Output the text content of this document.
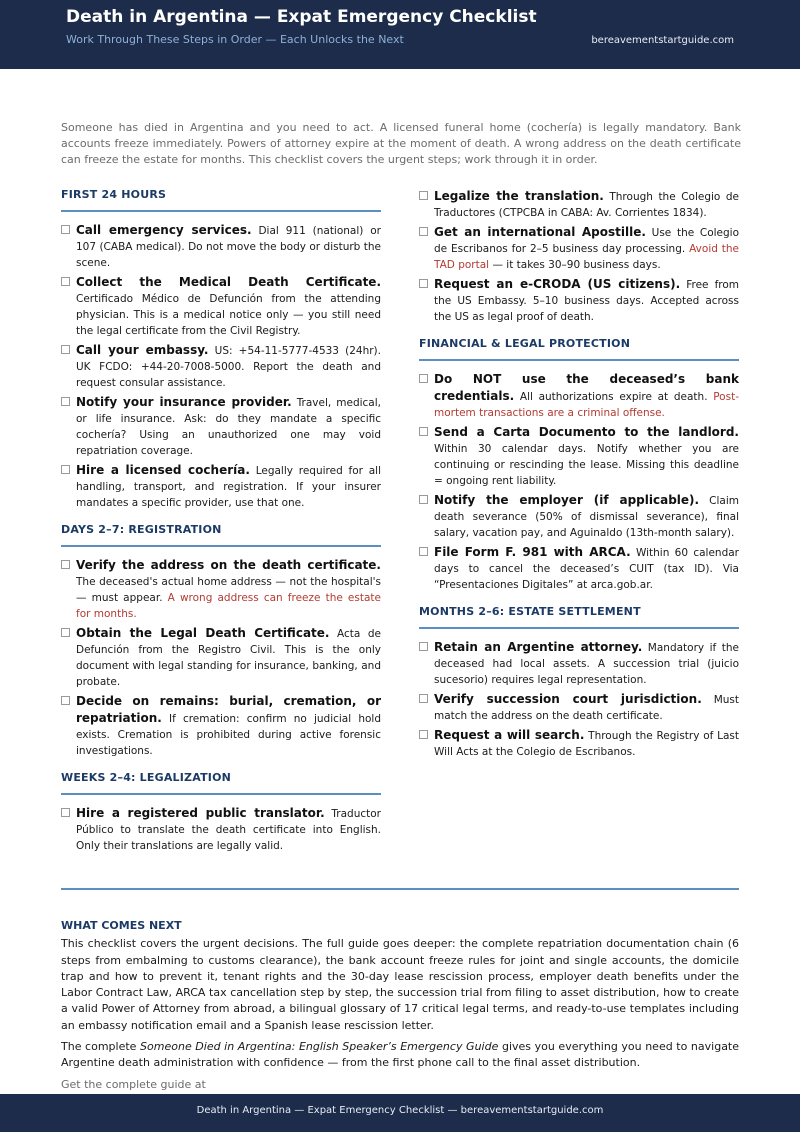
Death in Argentina — Expat Emergency Checklist
Work Through These Steps in Order — Each Unlocks the Next	bereavementstartguide.com
Someone has died in Argentina and you need to act. A licensed funeral home (cochería) is legally mandatory. Bank accounts freeze immediately. Powers of attorney expire at the moment of death. A wrong address on the death certificate can freeze the estate for months. This checklist covers the urgent steps; work through it in order.
FIRST 24 HOURS
Call emergency services. Dial 911 (national) or 107 (CABA medical). Do not move the body or disturb the scene.
Collect the Medical Death Certificate. Certificado Médico de Defunción from the attending physician. This is a medical notice only — you still need the legal certificate from the Civil Registry.
Call your embassy. US: +54-11-5777-4533 (24hr). UK FCDO: +44-20-7008-5000. Report the death and request consular assistance.
Notify your insurance provider. Travel, medical, or life insurance. Ask: do they mandate a specific cochería? Using an unauthorized one may void repatriation coverage.
Hire a licensed cochería. Legally required for all handling, transport, and registration. If your insurer mandates a specific provider, use that one.
DAYS 2–7: REGISTRATION
Verify the address on the death certificate. The deceased's actual home address — not the hospital's — must appear. A wrong address can freeze the estate for months.
Obtain the Legal Death Certificate. Acta de Defunción from the Registro Civil. This is the only document with legal standing for insurance, banking, and probate.
Decide on remains: burial, cremation, or repatriation. If cremation: confirm no judicial hold exists. Cremation is prohibited during active forensic investigations.
WEEKS 2–4: LEGALIZATION
Hire a registered public translator. Traductor Público to translate the death certificate into English. Only their translations are legally valid.
Legalize the translation. Through the Colegio de Traductores (CTPCBA in CABA: Av. Corrientes 1834).
Get an international Apostille. Use the Colegio de Escribanos for 2–5 business day processing. Avoid the TAD portal — it takes 30–90 business days.
Request an e-CRODA (US citizens). Free from the US Embassy. 5–10 business days. Accepted across the US as legal proof of death.
FINANCIAL & LEGAL PROTECTION
Do NOT use the deceased’s bank credentials. All authorizations expire at death. Post-mortem transactions are a criminal offense.
Send a Carta Documento to the landlord. Within 30 calendar days. Notify whether you are continuing or rescinding the lease. Missing this deadline = ongoing rent liability.
Notify the employer (if applicable). Claim death severance (50% of dismissal severance), final salary, vacation pay, and Aguinaldo (13th-month salary).
File Form F. 981 with ARCA. Within 60 calendar days to cancel the deceased’s CUIT (tax ID). Via “Presentaciones Digitales” at arca.gob.ar.
MONTHS 2–6: ESTATE SETTLEMENT
Retain an Argentine attorney. Mandatory if the deceased had local assets. A succession trial (juicio sucesorio) requires legal representation.
Verify succession court jurisdiction. Must match the address on the death certificate.
Request a will search. Through the Registry of Last Will Acts at the Colegio de Escribanos.
WHAT COMES NEXT

This checklist covers the urgent decisions. The full guide goes deeper: the complete repatriation documentation chain (6 steps from embalming to customs clearance), the bank account freeze rules for joint and single accounts, the domicile trap and how to prevent it, tenant rights and the 30-day lease rescission process, employer death benefits under the Labor Contract Law, ARCA tax cancellation step by step, the succession trial from filing to asset distribution, how to create a valid Power of Attorney from abroad, a bilingual glossary of 17 critical legal terms, and ready-to-use templates including an embassy notification email and a Spanish lease rescission letter.

The complete Someone Died in Argentina: English Speaker’s Emergency Guide gives you everything you need to navigate Argentine death administration with confidence — from the first phone call to the final asset distribution.

Get the complete guide at
Death in Argentina — Expat Emergency Checklist — bereavementstartguide.com
